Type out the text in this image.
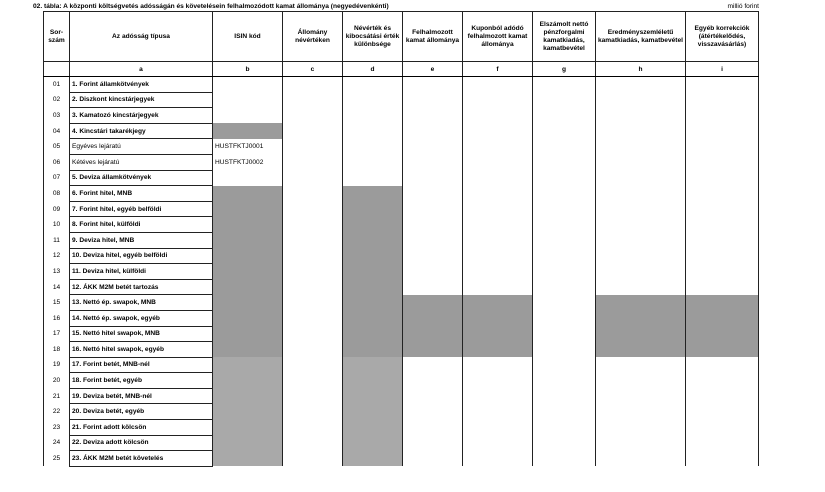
02. tábla: A központi költségvetés adósságán és követelésein felhalmozódott kamat állománya (negyedévenkénti)	millió forint
Sor-szám	Az adósság típusa	ISIN kód	Állomány névértéken	Névérték és kibocsátási érték különbsége	Felhalmozott kamat állománya	Kuponból adódó felhalmozott kamat állománya	Elszámolt nettó pénzforgalmi kamatkiadás, kamatbevétel	Eredményszemléletű kamatkiadás, kamatbevétel	Egyéb korrekciók (átértékelődés, visszavásárlás)
	a	b	c	d	e	f	g	h	i
01	1. Forint államkötvények								
02	2. Diszkont kincstárjegyek								
03	3. Kamatozó kincstárjegyek								
04	4. Kincstári takarékjegy								
05	Egyéves lejáratú	HUSTFKTJ0001							
06	Kétéves lejáratú	HUSTFKTJ0002							
07	5. Deviza államkötvények								
08	6. Forint hitel, MNB								
09	7. Forint hitel, egyéb belföldi								
10	8. Forint hitel, külföldi								
11	9. Deviza hitel, MNB								
12	10. Deviza hitel, egyéb belföldi								
13	11. Deviza hitel, külföldi								
14	12. ÁKK M2M betét tartozás								
15	13. Nettó ép. swapok, MNB								
16	14. Nettó ép. swapok, egyéb								
17	15. Nettó hitel swapok, MNB								
18	16. Nettó hitel swapok, egyéb								
19	17. Forint betét, MNB-nél								
20	18. Forint betét, egyéb								
21	19. Deviza betét, MNB-nél								
22	20. Deviza betét, egyéb								
23	21. Forint adott kölcsön								
24	22. Deviza adott kölcsön								
25	23. ÁKK M2M betét követelés								
